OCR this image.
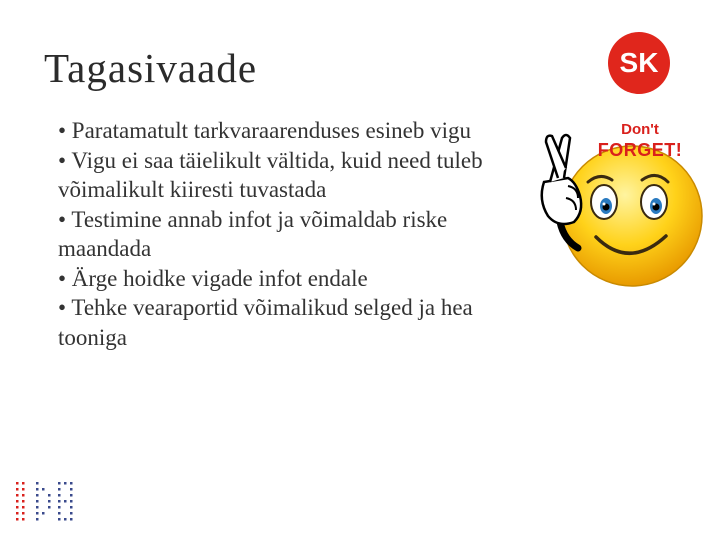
Tagasivaade
• Paratamatult tarkvaraarenduses esineb vigu
• Vigu ei saa täielikult vältida, kuid need tuleb võimalikult kiiresti tuvastada
• Testimine annab infot ja võimaldab riske maandada
• Ärge hoidke vigade infot endale
• Tehke vearaportid võimalikud selged ja hea tooniga
SK
Don't
FORGET!
